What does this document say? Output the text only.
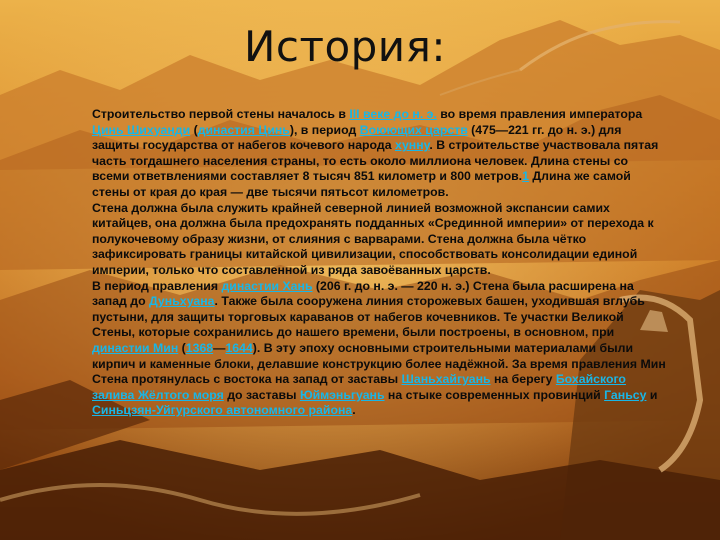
История:

Строительство первой стены началось в III веке до н. э. во время правления императора Цинь Шихуанди (династия Цинь), в период Воюющих царств (475—221 гг. до н. э.) для защиты государства от набегов кочевого народа хунну. В строительстве участвовала пятая часть тогдашнего населения страны, то есть около миллиона человек. Длина стены со всеми ответвлениями составляет 8 тысяч 851 километр и 800 метров.1 Длина же самой стены от края до края — две тысячи пятьсот километров.

Стена должна была служить крайней северной линией возможной экспансии самих китайцев, она должна была предохранять подданных «Срединной империи» от перехода к полукочевому образу жизни, от слияния с варварами. Стена должна была чётко зафиксировать границы китайской цивилизации, способствовать консолидации единой империи, только что составленной из ряда завоёванных царств.

В период правления династии Хань (206 г. до н. э. — 220 н. э.) Стена была расширена на запад до Дуньхуана. Также была сооружена линия сторожевых башен, уходившая вглубь пустыни, для защиты торговых караванов от набегов кочевников. Те участки Великой Стены, которые сохранились до нашего времени, были построены, в основном, при династии Мин (1368—1644). В эту эпоху основными строительными материалами были кирпич и каменные блоки, делавшие конструкцию более надёжной. За время правления Мин Стена протянулась с востока на запад от заставы Шаньхайгуань на берегу Бохайского залива Жёлтого моря до заставы Юймэньгуань на стыке современных провинций Ганьсу и Синьцзян-Уйгурского автономного района.
